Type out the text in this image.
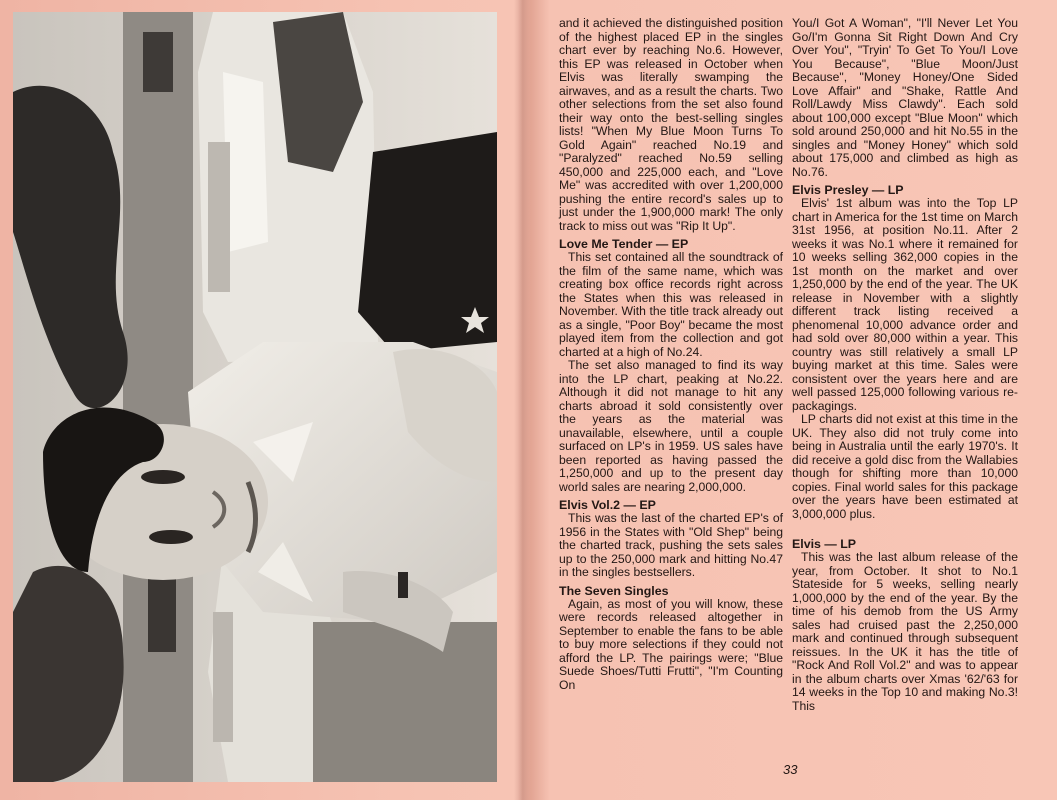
and it achieved the distinguished position of the highest placed EP in the singles chart ever by reaching No.6. However, this EP was released in October when Elvis was literally swamping the airwaves, and as a result the charts. Two other selections from the set also found their way onto the best-selling singles lists! "When My Blue Moon Turns To Gold Again" reached No.19 and "Paralyzed" reached No.59 selling 450,000 and 225,000 each, and "Love Me" was accredited with over 1,200,000 pushing the entire record's sales up to just under the 1,900,000 mark! The only track to miss out was "Rip It Up".

Love Me Tender — EP

This set contained all the soundtrack of the film of the same name, which was creating box office records right across the States when this was released in November. With the title track already out as a single, "Poor Boy" became the most played item from the collection and got charted at a high of No.24.

The set also managed to find its way into the LP chart, peaking at No.22. Although it did not manage to hit any charts abroad it sold consistently over the years as the material was unavailable, elsewhere, until a couple surfaced on LP's in 1959. US sales have been reported as having passed the 1,250,000 and up to the present day world sales are nearing 2,000,000.

Elvis Vol.2 — EP

This was the last of the charted EP's of 1956 in the States with "Old Shep" being the charted track, pushing the sets sales up to the 250,000 mark and hitting No.47 in the singles bestsellers.

The Seven Singles

Again, as most of you will know, these were records released altogether in September to enable the fans to be able to buy more selections if they could not afford the LP. The pairings were; "Blue Suede Shoes/Tutti Frutti", "I'm Counting On

You/I Got A Woman", "I'll Never Let You Go/I'm Gonna Sit Right Down And Cry Over You", "Tryin' To Get To You/I Love You Because", "Blue Moon/Just Because", "Money Honey/One Sided Love Affair" and "Shake, Rattle And Roll/Lawdy Miss Clawdy". Each sold about 100,000 except "Blue Moon" which sold around 250,000 and hit No.55 in the singles and "Money Honey" which sold about 175,000 and climbed as high as No.76.

Elvis Presley — LP

Elvis' 1st album was into the Top LP chart in America for the 1st time on March 31st 1956, at position No.11. After 2 weeks it was No.1 where it remained for 10 weeks selling 362,000 copies in the 1st month on the market and over 1,250,000 by the end of the year. The UK release in November with a slightly different track listing received a phenomenal 10,000 advance order and had sold over 80,000 within a year. This country was still relatively a small LP buying market at this time. Sales were consistent over the years here and are well passed 125,000 following various re-packagings.

LP charts did not exist at this time in the UK. They also did not truly come into being in Australia until the early 1970's. It did receive a gold disc from the Wallabies though for shifting more than 10,000 copies. Final world sales for this package over the years have been estimated at 3,000,000 plus.

Elvis — LP

This was the last album release of the year, from October. It shot to No.1 Stateside for 5 weeks, selling nearly 1,000,000 by the end of the year. By the time of his demob from the US Army sales had cruised past the 2,250,000 mark and continued through subsequent reissues. In the UK it has the title of "Rock And Roll Vol.2" and was to appear in the album charts over Xmas '62/'63 for 14 weeks in the Top 10 and making No.3! This

33
